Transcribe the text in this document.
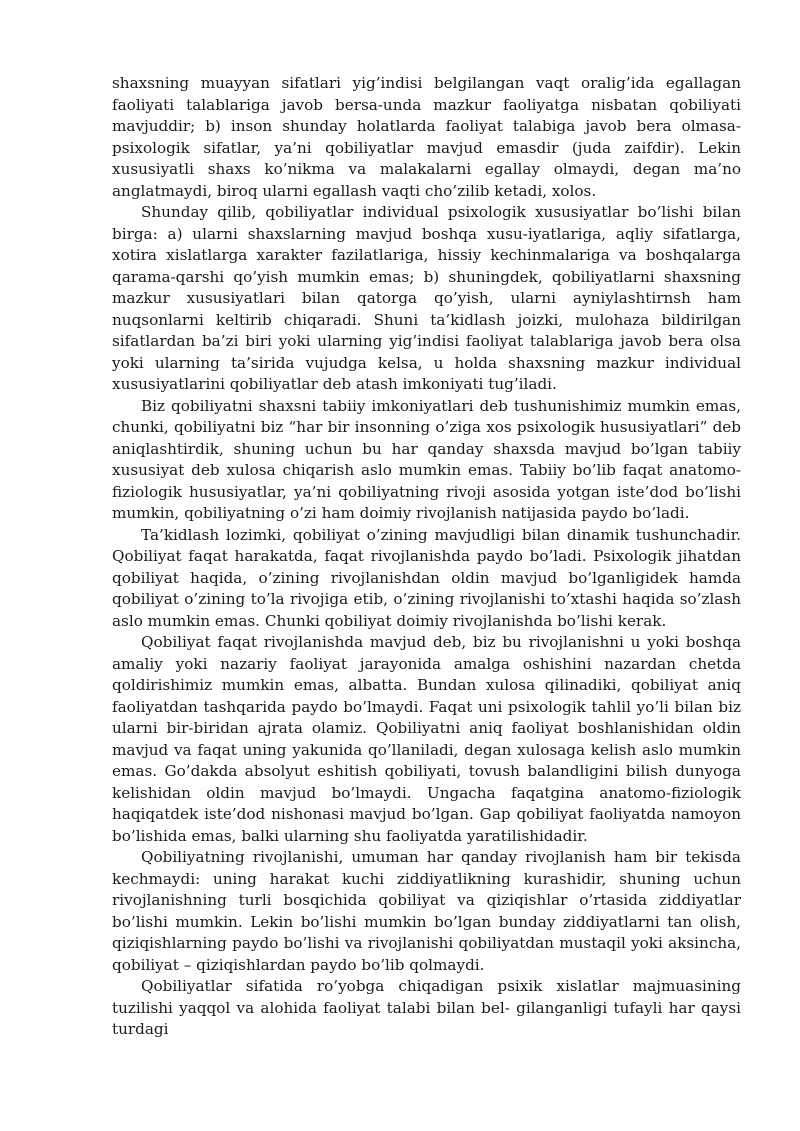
shaxsning muayyan sifatlari yig’indisi belgilangan vaqt oralig’ida egallagan faoliyati talablariga javob bersa-unda mazkur faoliyatga nisbatan qobiliyati mavjuddir; b) inson shunday holatlarda faoliyat talabiga javob bera olmasa-psixologik sifatlar, ya’ni qobiliyatlar mavjud emasdir (juda zaifdir). Lekin xususiyatli shaxs ko’nikma va malakalarni egallay olmaydi, degan ma’no anglatmaydi, biroq ularni egallash vaqti cho’zilib ketadi, xolos.

Shunday qilib, qobiliyatlar individual psixologik xususiyatlar bo’lishi bilan birga: a) ularni shaxslarning mavjud boshqa xusu-iyatlariga, aqliy sifatlarga, xotira xislatlarga xarakter fazilatlariga, hissiy kechinmalariga va boshqalarga qarama-qarshi qo’yish mumkin emas; b) shuningdek, qobiliyatlarni shaxsning mazkur xususiyatlari bilan qatorga qo’yish, ularni ayniylashtirnsh ham nuqsonlarni keltirib chiqaradi. Shuni ta’kidlash joizki, mulohaza bildirilgan sifatlardan ba’zi biri yoki ularning yig’indisi faoliyat talablariga javob bera olsa yoki ularning ta’sirida vujudga kelsa, u holda shaxsning mazkur individual xususiyatlarini qobiliyatlar deb atash imkoniyati tug’iladi.

Biz qobiliyatni shaxsni tabiiy imkoniyatlari deb tushunishimiz mumkin emas, chunki, qobiliyatni biz “har bir insonning o’ziga xos psixologik hususiyatlari” deb aniqlashtirdik, shuning uchun bu har qanday shaxsda mavjud bo’lgan tabiiy xususiyat deb xulosa chiqarish aslo mumkin emas. Tabiiy bo’lib faqat anatomo-fiziologik hususiyatlar, ya’ni qobiliyatning rivoji asosida yotgan iste’dod bo’lishi mumkin, qobiliyatning o’zi ham doimiy rivojlanish natijasida paydo bo’ladi.

Ta’kidlash lozimki, qobiliyat o’zining mavjudligi bilan dinamik tushunchadir. Qobiliyat faqat harakatda, faqat rivojlanishda paydo bo’ladi. Psixologik jihatdan qobiliyat haqida, o’zining rivojlanishdan oldin mavjud bo’lganligidek hamda qobiliyat o’zining to’la rivojiga etib, o’zining rivojlanishi to’xtashi haqida so’zlash aslo mumkin emas. Chunki qobiliyat doimiy rivojlanishda bo’lishi kerak.

Qobiliyat faqat rivojlanishda mavjud deb, biz bu rivojlanishni u yoki boshqa amaliy yoki nazariy faoliyat jarayonida amalga oshishini nazardan chetda qoldirishimiz mumkin emas, albatta. Bundan xulosa qilinadiki, qobiliyat aniq faoliyatdan tashqarida paydo bo’lmaydi. Faqat uni psixologik tahlil yo’li bilan biz ularni bir-biridan ajrata olamiz. Qobiliyatni aniq faoliyat boshlanishidan oldin mavjud va faqat uning yakunida qo’llaniladi, degan xulosaga kelish aslo mumkin emas. Go’dakda absolyut eshitish qobiliyati, tovush balandligini bilish dunyoga kelishidan oldin mavjud bo’lmaydi. Ungacha faqatgina anatomo-fiziologik haqiqatdek iste’dod nishonasi mavjud bo’lgan. Gap qobiliyat faoliyatda namoyon bo’lishida emas, balki ularning shu faoliyatda yaratilishidadir.

Qobiliyatning rivojlanishi, umuman har qanday rivojlanish ham bir tekisda kechmaydi: uning harakat kuchi ziddiyatlikning kurashidir, shuning uchun rivojlanishning turli bosqichida qobiliyat va qiziqishlar o’rtasida ziddiyatlar bo’lishi mumkin. Lekin bo’lishi mumkin bo’lgan bunday ziddiyatlarni tan olish, qiziqishlarning paydo bo’lishi va rivojlanishi qobiliyatdan mustaqil yoki aksincha, qobiliyat – qiziqishlardan paydo bo’lib qolmaydi.

Qobiliyatlar sifatida ro’yobga chiqadigan psixik xislatlar majmuasining tuzilishi yaqqol va alohida faoliyat talabi bilan bel- gilanganligi tufayli har qaysi turdagi
